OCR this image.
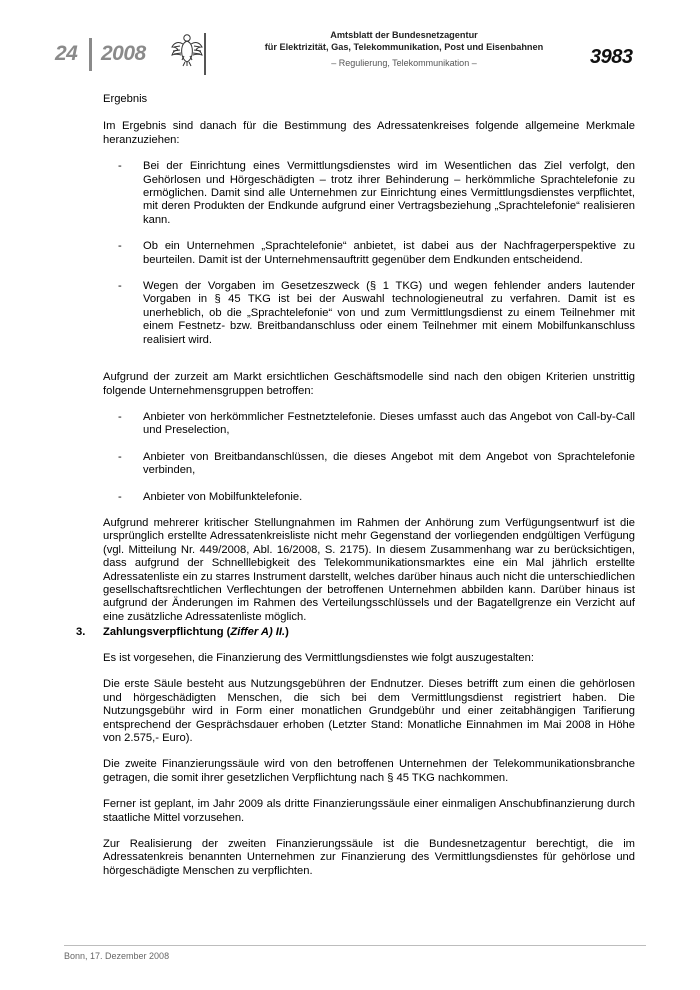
24 2008
Amtsblatt der Bundesnetzagentur
für Elektrizität, Gas, Telekommunikation, Post und Eisenbahnen
– Regulierung, Telekommunikation –	3983

Ergebnis

Im Ergebnis sind danach für die Bestimmung des Adressatenkreises folgende allgemeine Merkmale heranzuziehen:

- Bei der Einrichtung eines Vermittlungsdienstes wird im Wesentlichen das Ziel verfolgt, den Gehörlosen und Hörgeschädigten – trotz ihrer Behinderung – herkömmliche Sprachtelefonie zu ermöglichen. Damit sind alle Unternehmen zur Einrichtung eines Vermittlungsdienstes verpflichtet, mit deren Produkten der Endkunde aufgrund einer Vertragsbeziehung „Sprachtelefonie“ realisieren kann.
- Ob ein Unternehmen „Sprachtelefonie“ anbietet, ist dabei aus der Nachfragerperspektive zu beurteilen. Damit ist der Unternehmensauftritt gegenüber dem Endkunden entscheidend.
- Wegen der Vorgaben im Gesetzeszweck (§ 1 TKG) und wegen fehlender anders lautender Vorgaben in § 45 TKG ist bei der Auswahl technologieneutral zu verfahren. Damit ist es unerheblich, ob die „Sprachtelefonie“ von und zum Vermittlungsdienst zu einem Teilnehmer mit einem Festnetz- bzw. Breitbandanschluss oder einem Teilnehmer mit einem Mobilfunkanschluss realisiert wird.

Aufgrund der zurzeit am Markt ersichtlichen Geschäftsmodelle sind nach den obigen Kriterien unstrittig folgende Unternehmensgruppen betroffen:

- Anbieter von herkömmlicher Festnetztelefonie. Dieses umfasst auch das Angebot von Call-by-Call und Preselection,
- Anbieter von Breitbandanschlüssen, die dieses Angebot mit dem Angebot von Sprachtelefonie verbinden,
- Anbieter von Mobilfunktelefonie.

Aufgrund mehrerer kritischer Stellungnahmen im Rahmen der Anhörung zum Verfügungsentwurf ist die ursprünglich erstellte Adressatenkreisliste nicht mehr Gegenstand der vorliegenden endgültigen Verfügung (vgl. Mitteilung Nr. 449/2008, Abl. 16/2008, S. 2175). In diesem Zusammenhang war zu berücksichtigen, dass aufgrund der Schnelllebigkeit des Telekommunikationsmarktes eine ein Mal jährlich erstellte Adressatenliste ein zu starres Instrument darstellt, welches darüber hinaus auch nicht die unterschiedlichen gesellschaftsrechtlichen Verflechtungen der betroffenen Unternehmen abbilden kann. Darüber hinaus ist aufgrund der Änderungen im Rahmen des Verteilungsschlüssels und der Bagatellgrenze ein Verzicht auf eine zusätzliche Adressatenliste möglich.

3. Zahlungsverpflichtung (Ziffer A) II.)

Es ist vorgesehen, die Finanzierung des Vermittlungsdienstes wie folgt auszugestalten:

Die erste Säule besteht aus Nutzungsgebühren der Endnutzer. Dieses betrifft zum einen die gehörlosen und hörgeschädigten Menschen, die sich bei dem Vermittlungsdienst registriert haben. Die Nutzungsgebühr wird in Form einer monatlichen Grundgebühr und einer zeitabhängigen Tarifierung entsprechend der Gesprächsdauer erhoben (Letzter Stand: Monatliche Einnahmen im Mai 2008 in Höhe von 2.575,- Euro).

Die zweite Finanzierungssäule wird von den betroffenen Unternehmen der Telekommunikationsbranche getragen, die somit ihrer gesetzlichen Verpflichtung nach § 45 TKG nachkommen.

Ferner ist geplant, im Jahr 2009 als dritte Finanzierungssäule einer einmaligen Anschubfinanzierung durch staatliche Mittel vorzusehen.

Zur Realisierung der zweiten Finanzierungssäule ist die Bundesnetzagentur berechtigt, die im Adressatenkreis benannten Unternehmen zur Finanzierung des Vermittlungsdienstes für gehörlose und hörgeschädigte Menschen zu verpflichten.

Bonn, 17. Dezember 2008
